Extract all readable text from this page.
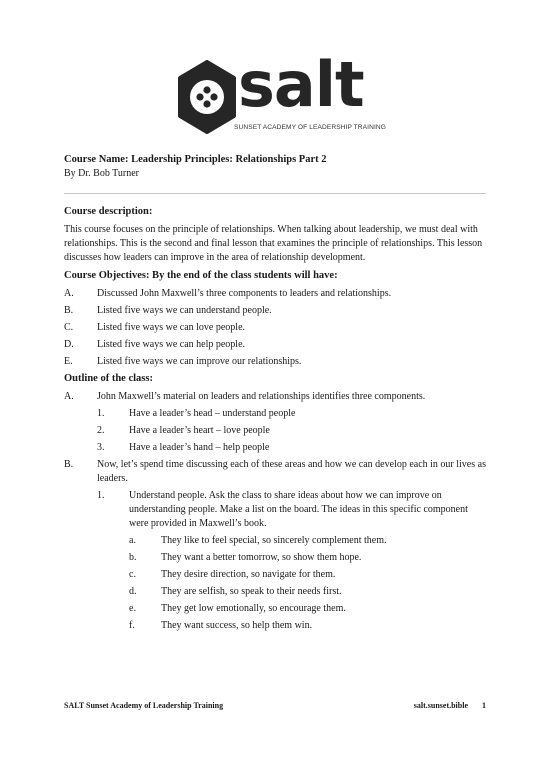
salt
SUNSET ACADEMY OF LEADERSHIP TRAINING

Course Name: Leadership Principles: Relationships Part 2

By Dr. Bob Turner

Course description:

This course focuses on the principle of relationships. When talking about leadership, we must deal with relationships. This is the second and final lesson that examines the principle of relationships. This lesson discusses how leaders can improve in the area of relationship development.

Course Objectives: By the end of the class students will have:

A.	Discussed John Maxwell’s three components to leaders and relationships.
B.	Listed five ways we can understand people.
C.	Listed five ways we can love people.
D.	Listed five ways we can help people.
E.	Listed five ways we can improve our relationships.

Outline of the class:

A.	John Maxwell’s material on leaders and relationships identifies three components.
1.	Have a leader’s head – understand people
2.	Have a leader’s heart – love people
3.	Have a leader’s hand – help people
B.	Now, let’s spend time discussing each of these areas and how we can develop each in our lives as leaders.
1.	Understand people. Ask the class to share ideas about how we can improve on understanding people. Make a list on the board. The ideas in this specific component were provided in Maxwell’s book.
a.	They like to feel special, so sincerely complement them.
b.	They want a better tomorrow, so show them hope.
c.	They desire direction, so navigate for them.
d.	They are selfish, so speak to their needs first.
e.	They get low emotionally, so encourage them.
f.	They want success, so help them win.
SALT Sunset Academy of Leadership Training	salt.sunset.bible 1
